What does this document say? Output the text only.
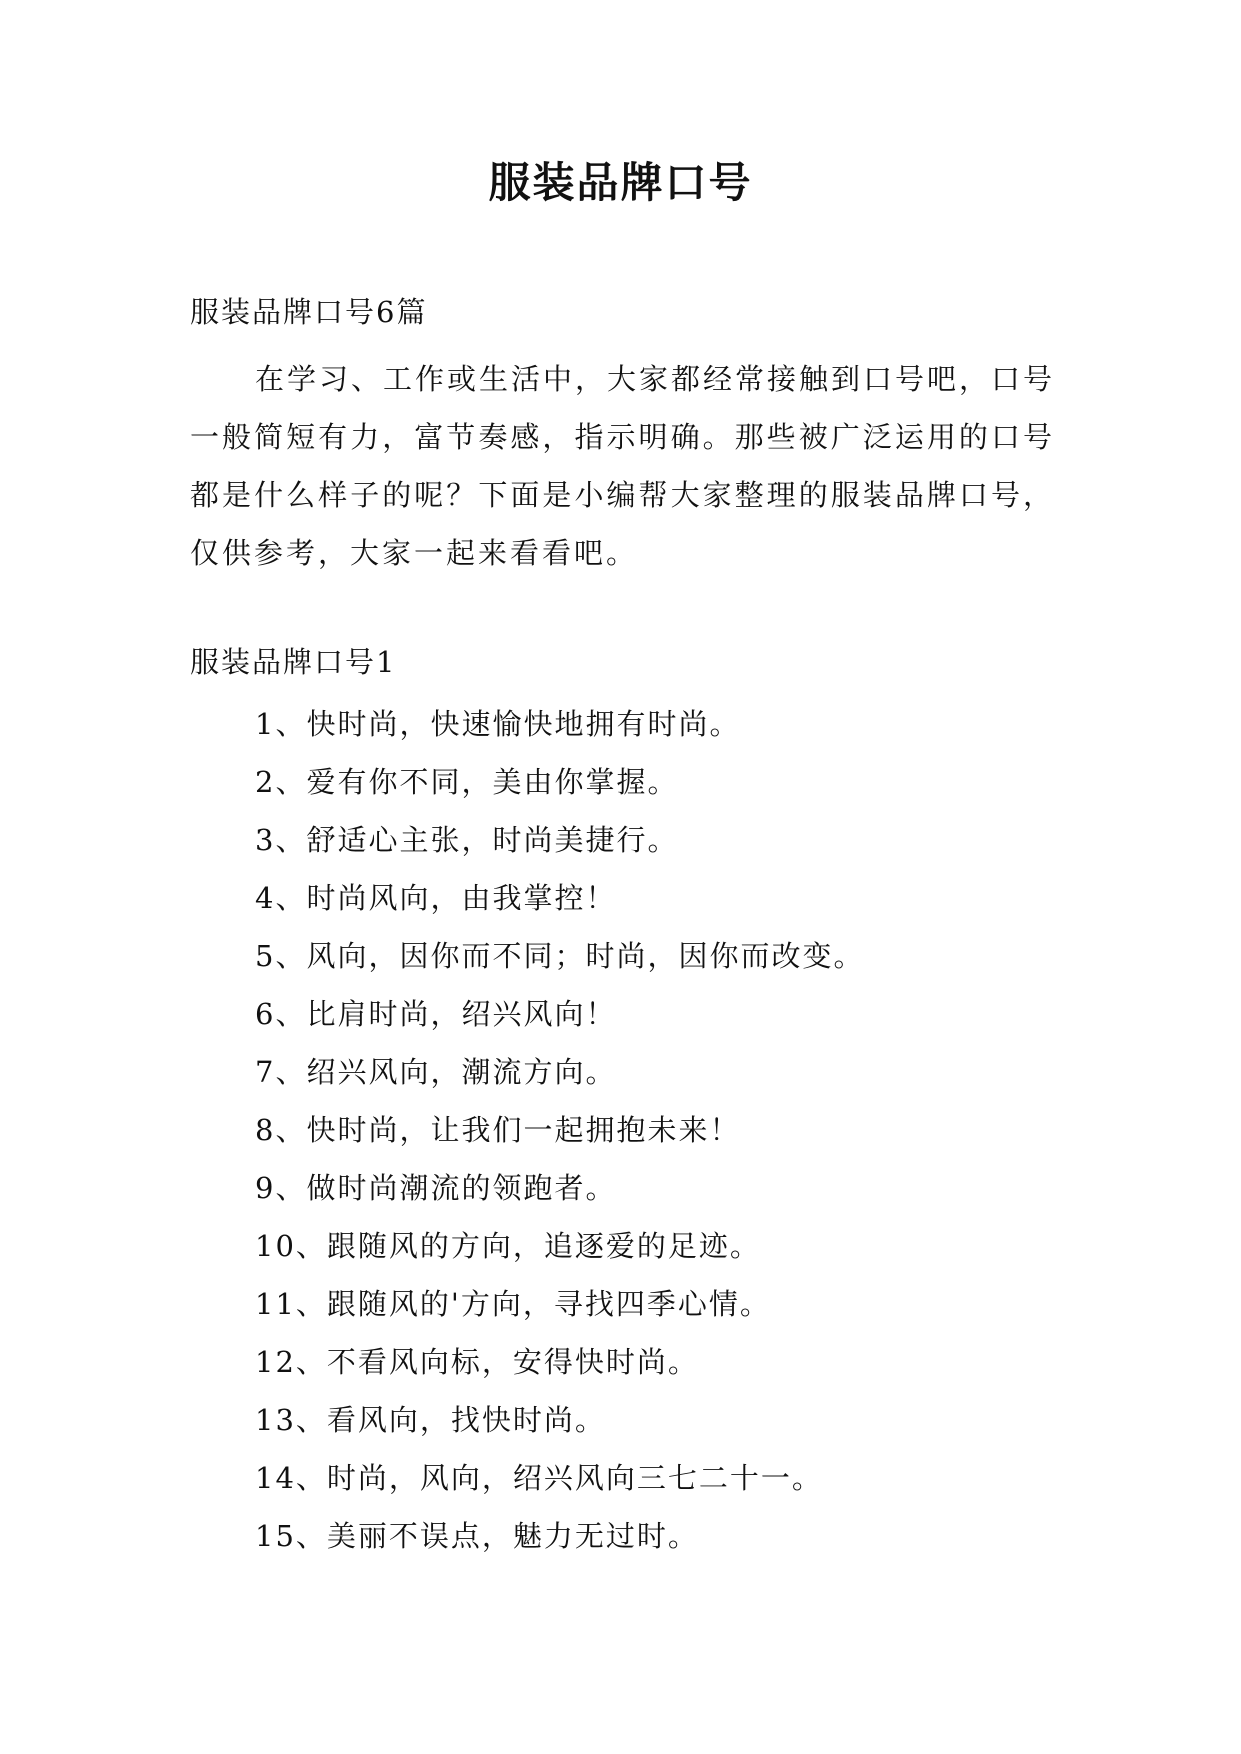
服装品牌口号
服装品牌口号6篇

在学习、工作或生活中，大家都经常接触到口号吧，口号一般简短有力，富节奏感，指示明确。那些被广泛运用的口号都是什么样子的呢？下面是小编帮大家整理的服装品牌口号，仅供参考，大家一起来看看吧。

服装品牌口号1
1、快时尚，快速愉快地拥有时尚。
2、爱有你不同，美由你掌握。
3、舒适心主张，时尚美捷行。
4、时尚风向，由我掌控！
5、风向，因你而不同；时尚，因你而改变。
6、比肩时尚，绍兴风向！
7、绍兴风向，潮流方向。
8、快时尚，让我们一起拥抱未来！
9、做时尚潮流的领跑者。
10、跟随风的方向，追逐爱的足迹。
11、跟随风的'方向，寻找四季心情。
12、不看风向标，安得快时尚。
13、看风向，找快时尚。
14、时尚，风向，绍兴风向三七二十一。
15、美丽不误点，魅力无过时。
